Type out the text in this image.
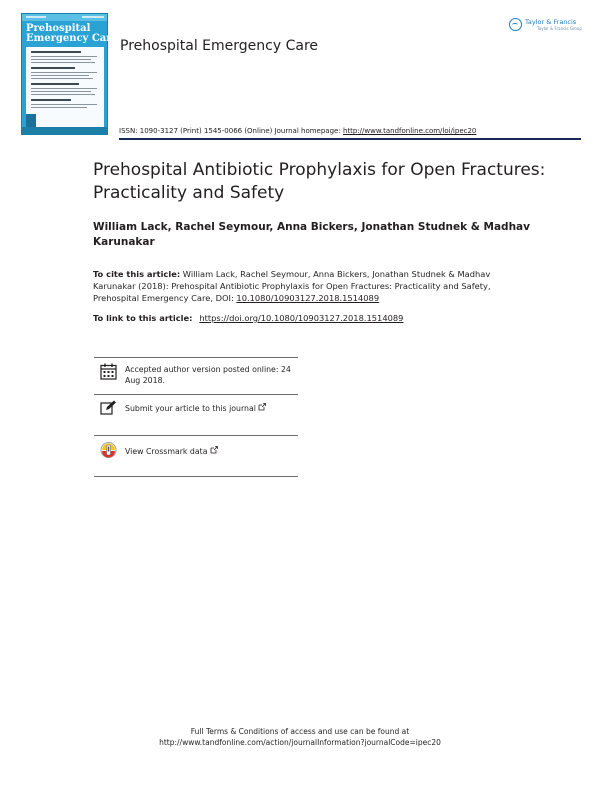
Prehospital
Emergency Care Prehospital Emergency Care
Taylor & Francis
Taylor & Francis Group
ISSN: 1090-3127 (Print) 1545-0066 (Online) Journal homepage: http://www.tandfonline.com/loi/ipec20
Prehospital Antibiotic Prophylaxis for Open Fractures: Practicality and Safety
William Lack, Rachel Seymour, Anna Bickers, Jonathan Studnek & Madhav Karunakar
To cite this article: William Lack, Rachel Seymour, Anna Bickers, Jonathan Studnek & Madhav Karunakar (2018): Prehospital Antibiotic Prophylaxis for Open Fractures: Practicality and Safety, Prehospital Emergency Care, DOI: 10.1080/10903127.2018.1514089
To link to this article: https://doi.org/10.1080/10903127.2018.1514089
Accepted author version posted online: 24 Aug 2018.
Submit your article to this journal
View Crossmark data
Full Terms & Conditions of access and use can be found at
http://www.tandfonline.com/action/journalInformation?journalCode=ipec20
